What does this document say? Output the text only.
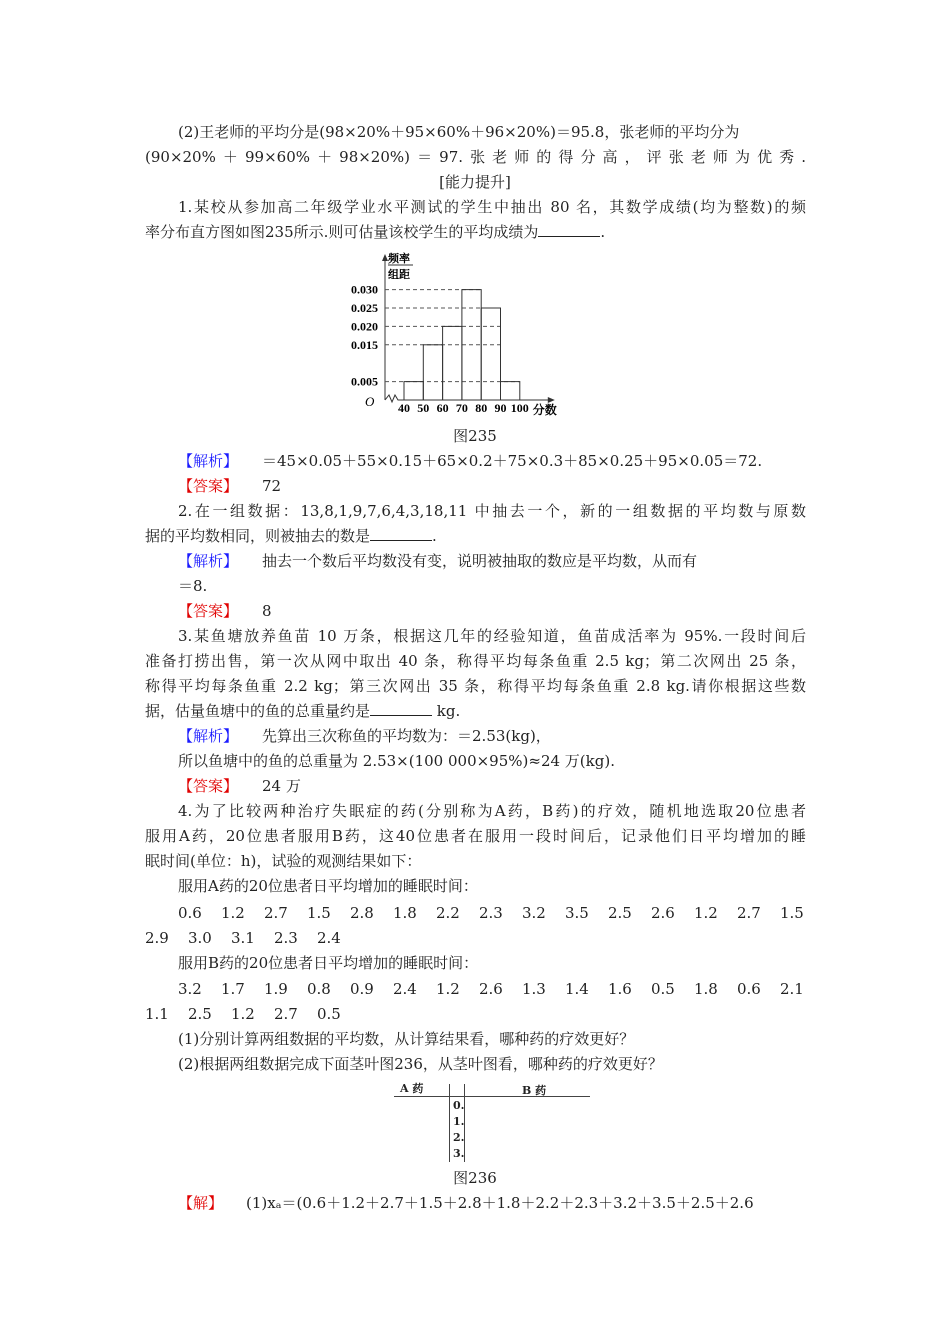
(2)王老师的平均分是(98×20%＋95×60%＋96×20%)＝95.8，张老师的平均分为
(90×20%＋99×60%＋98×20%)＝97.张老师的得分高，评张老师为优秀.
[能力提升]
1.某校从参加高二年级学业水平测试的学生中抽出 80 名，其数学成绩(均为整数)的频
率分布直方图如图235所示.则可估量该校学生的平均成绩为	.
0.005
0.015
0.020
0.025
0.030
40 50 60 70 80 90 100
O
分数
频率
组距
图235
【解析】 ＝45×0.05＋55×0.15＋65×0.2＋75×0.3＋85×0.25＋95×0.05＝72.
【答案】 72
2.在一组数据：13,8,1,9,7,6,4,3,18,11 中抽去一个，新的一组数据的平均数与原数
据的平均数相同，则被抽去的数是	.
【解析】 抽去一个数后平均数没有变，说明被抽取的数应是平均数，从而有
＝8.
【答案】 8
3.某鱼塘放养鱼苗 10 万条，根据这几年的经验知道，鱼苗成活率为 95%.一段时间后
准备打捞出售，第一次从网中取出 40 条，称得平均每条鱼重 2.5 kg；第二次网出 25 条，
称得平均每条鱼重 2.2 kg；第三次网出 35 条，称得平均每条鱼重 2.8 kg.请你根据这些数
据，估量鱼塘中的鱼的总重量约是	kg.
【解析】 先算出三次称鱼的平均数为：＝2.53(kg)，
所以鱼塘中的鱼的总重量为 2.53×(100 000×95%)≈24 万(kg).
【答案】 24 万
4.为了比较两种治疗失眠症的药(分别称为A药，B药)的疗效，随机地选取20位患者
服用A药，20位患者服用B药，这40位患者在服用一段时间后，记录他们日平均增加的睡
眠时间(单位：h)，试验的观测结果如下：
服用A药的20位患者日平均增加的睡眠时间：
0.6 1.2 2.7 1.5 2.8 1.8 2.2 2.3 3.2 3.5 2.5 2.6 1.2 2.7 1.5
2.9 3.0 3.1 2.3 2.4
服用B药的20位患者日平均增加的睡眠时间：
3.2 1.7 1.9 0.8 0.9 2.4 1.2 2.6 1.3 1.4 1.6 0.5 1.8 0.6 2.1
1.1 2.5 1.2 2.7 0.5
(1)分别计算两组数据的平均数，从计算结果看，哪种药的疗效更好？
(2)根据两组数据完成下面茎叶图236，从茎叶图看，哪种药的疗效更好？
A 药	B 药
0.
1.
2.
3.
图236
【解】 (1)xₐ＝(0.6＋1.2＋2.7＋1.5＋2.8＋1.8＋2.2＋2.3＋3.2＋3.5＋2.5＋2.6
